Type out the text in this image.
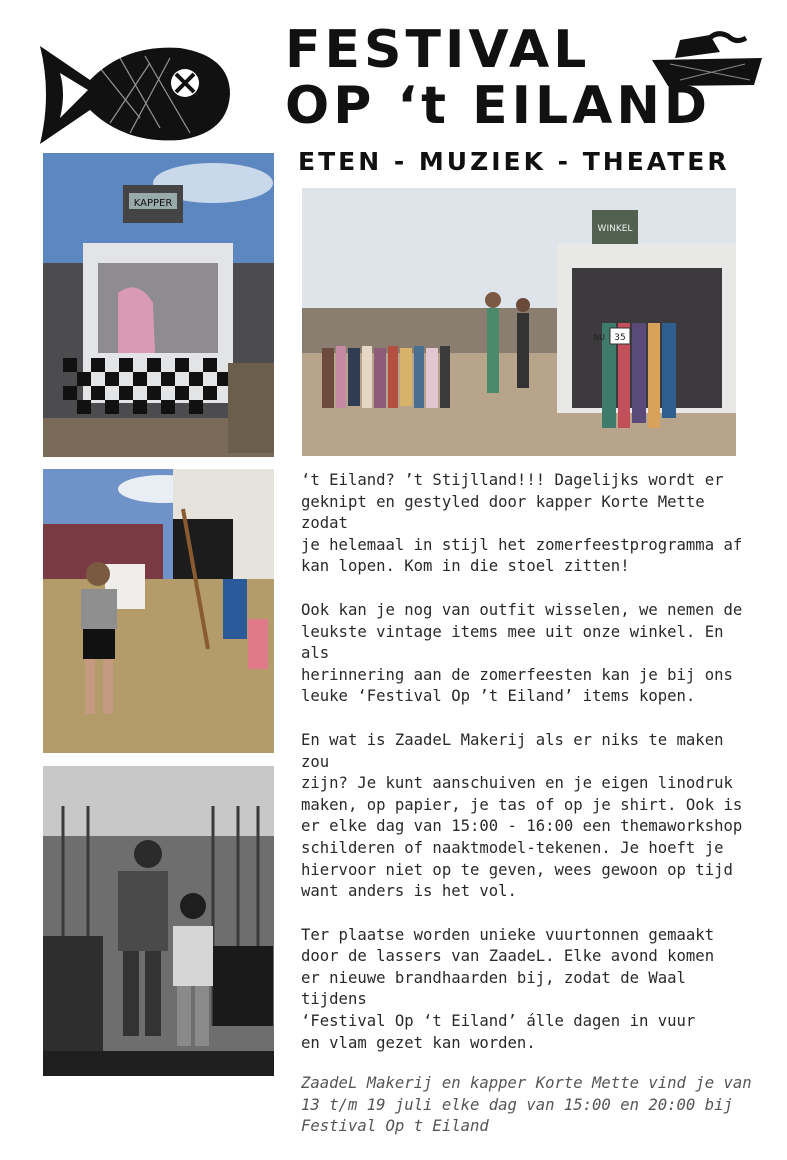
FESTIVAL
OP ‘t EILAND
ETEN - MUZIEK - THEATER
KAPPER
WINKEL
35
NU

‘t Eiland? ’t Stijlland!!! Dagelijks wordt er
geknipt en gestyled door kapper Korte Mette zodat
je helemaal in stijl het zomerfeestprogramma af
kan lopen. Kom in die stoel zitten!

Ook kan je nog van outfit wisselen, we nemen de
leukste vintage items mee uit onze winkel. En als
herinnering aan de zomerfeesten kan je bij ons
leuke ‘Festival Op ’t Eiland’ items kopen.

En wat is ZaadeL Makerij als er niks te maken zou
zijn? Je kunt aanschuiven en je eigen linodruk
maken, op papier, je tas of op je shirt. Ook is
er elke dag van 15:00 - 16:00 een themaworkshop
schilderen of naaktmodel-tekenen. Je hoeft je
hiervoor niet op te geven, wees gewoon op tijd
want anders is het vol.

Ter plaatse worden unieke vuurtonnen gemaakt
door de lassers van ZaadeL. Elke avond komen
er nieuwe brandhaarden bij, zodat de Waal tijdens
‘Festival Op ‘t Eiland’ álle dagen in vuur
en vlam gezet kan worden.

ZaadeL Makerij en kapper Korte Mette vind je van
13 t/m 19 juli elke dag van 15:00 en 20:00 bij
Festival Op t Eiland
